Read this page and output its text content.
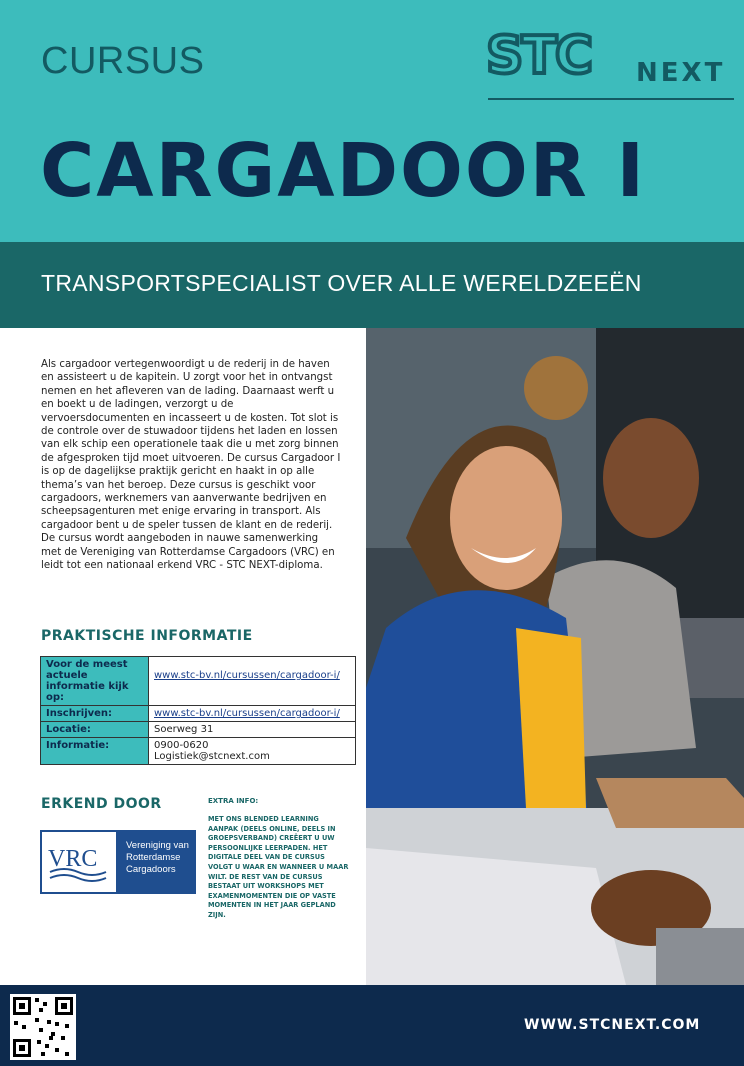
CURSUS
CARGADOOR I
STC NEXT
TRANSPORTSPECIALIST OVER ALLE WERELDZEEËN

Als cargadoor vertegenwoordigt u de rederij in de haven en assisteert u de kapitein. U zorgt voor het in ontvangst nemen en het afleveren van de lading. Daarnaast werft u en boekt u de ladingen, verzorgt u de vervoersdocumenten en incasseert u de kosten. Tot slot is de controle over de stuwadoor tijdens het laden en lossen van elk schip een operationele taak die u met zorg binnen de afgesproken tijd moet uitvoeren. De cursus Cargadoor I is op de dagelijkse praktijk gericht en haakt in op alle thema’s van het beroep. Deze cursus is geschikt voor cargadoors, werknemers van aanverwante bedrijven en scheepsagenturen met enige ervaring in transport. Als cargadoor bent u de speler tussen de klant en de rederij. De cursus wordt aangeboden in nauwe samenwerking met de Vereniging van Rotterdamse Cargadoors (VRC) en leidt tot een nationaal erkend VRC - STC NEXT-diploma.

PRAKTISCHE INFORMATIE
Voor de meest actuele informatie kijk op:	www.stc-bv.nl/cursussen/cargadoor-i/
Inschrijven:	www.stc-bv.nl/cursussen/cargadoor-i/
Locatie:	Soerweg 31
Informatie:	0900-0620
Logistiek@stcnext.com
ERKEND DOOR
VRC
Vereniging van Rotterdamse Cargadoors
EXTRA INFO:
MET ONS BLENDED LEARNING AANPAK (DEELS ONLINE, DEELS IN GROEPSVERBAND) CREËERT U UW PERSOONLIJKE LEERPADEN. HET DIGITALE DEEL VAN DE CURSUS VOLGT U WAAR EN WANNEER U MAAR WILT. DE REST VAN DE CURSUS BESTAAT UIT WORKSHOPS MET EXAMENMOMENTEN DIE OP VASTE MOMENTEN IN HET JAAR GEPLAND ZIJN.
WWW.STCNEXT.COM
